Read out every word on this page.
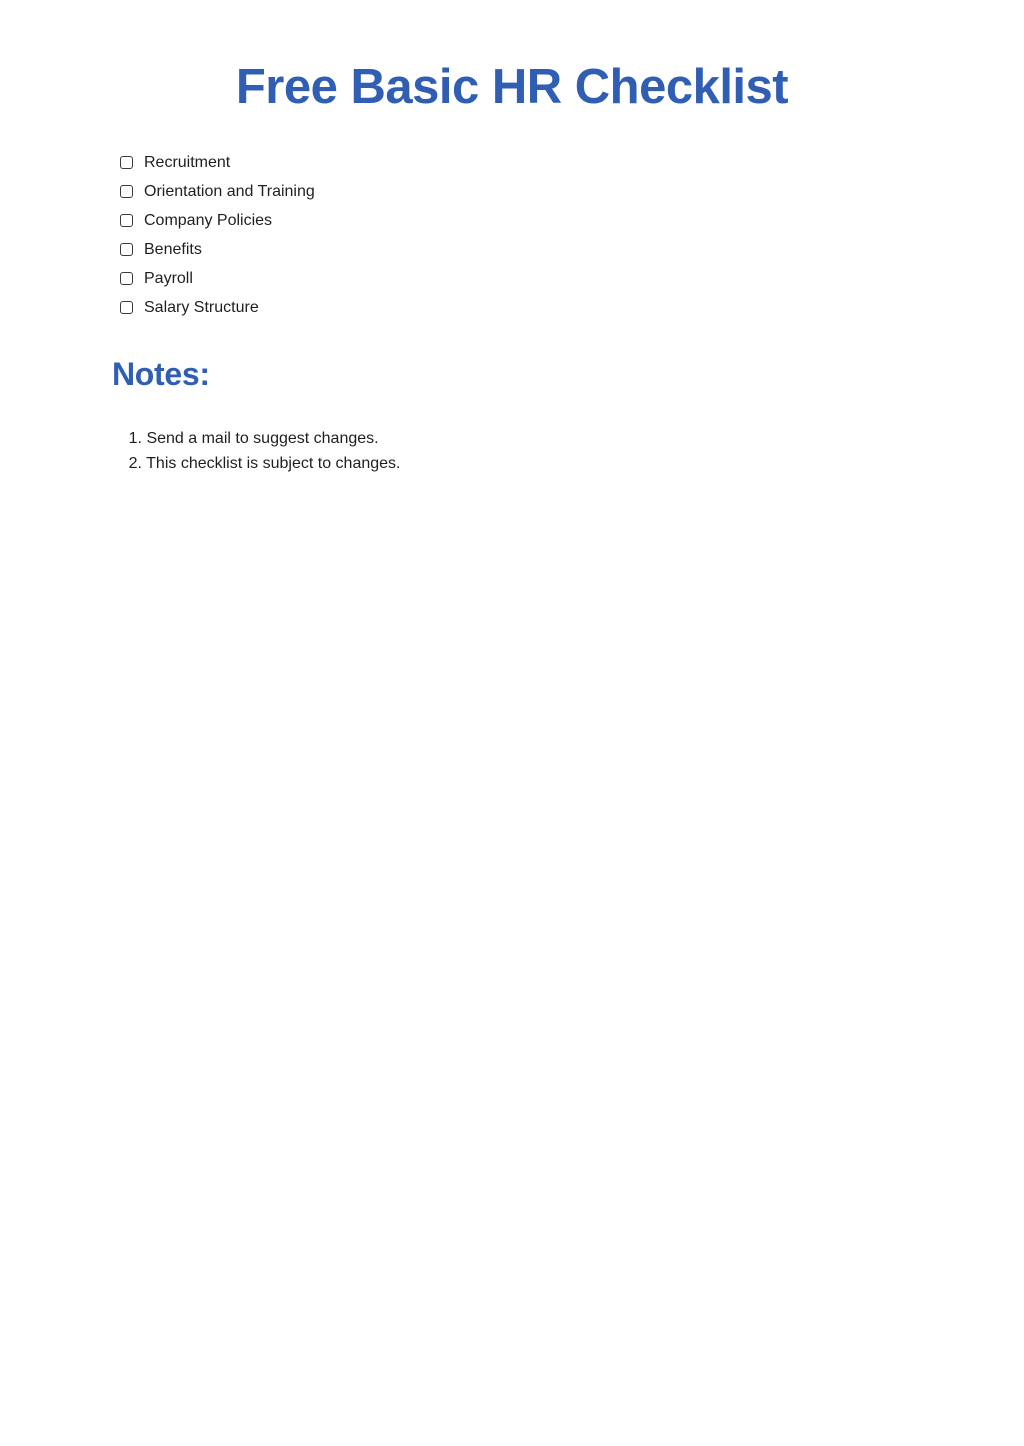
Free Basic HR Checklist
Recruitment
Orientation and Training
Company Policies
Benefits
Payroll
Salary Structure
Notes:
1. Send a mail to suggest changes.
2. This checklist is subject to changes.
